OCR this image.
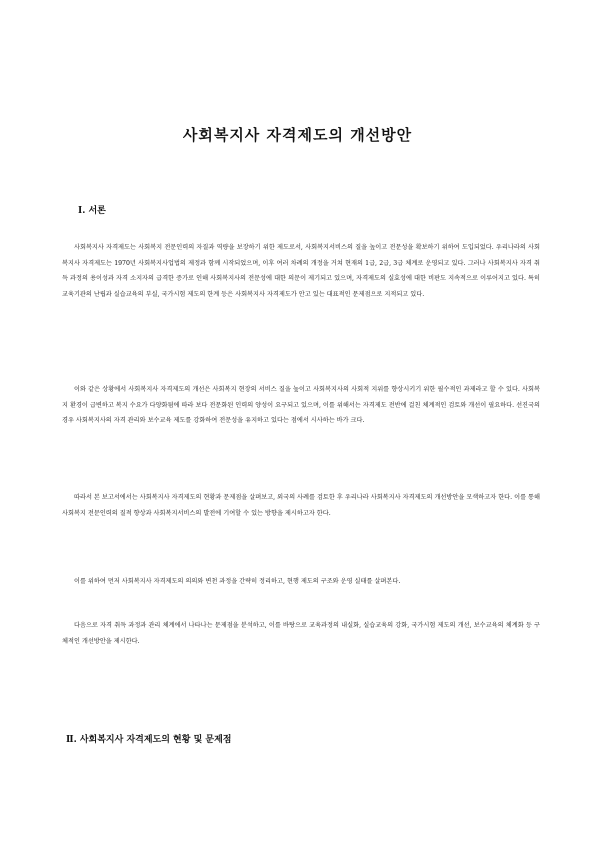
사회복지사 자격제도의 개선방안
Ⅰ. 서론

사회복지사 자격제도는 사회복지 전문인력의 자질과 역량을 보장하기 위한 제도로서, 사회복지서비스의 질을 높이고 전문성을 확보하기 위하여 도입되었다. 우리나라의 사회복지사 자격제도는 1970년 사회복지사업법의 제정과 함께 시작되었으며, 이후 여러 차례의 개정을 거쳐 현재의 1급, 2급, 3급 체계로 운영되고 있다. 그러나 사회복지사 자격 취득 과정의 용이성과 자격 소지자의 급격한 증가로 인해 사회복지사의 전문성에 대한 의문이 제기되고 있으며, 자격제도의 실효성에 대한 비판도 지속적으로 이루어지고 있다. 특히 교육기관의 난립과 실습교육의 부실, 국가시험 제도의 한계 등은 사회복지사 자격제도가 안고 있는 대표적인 문제점으로 지적되고 있다.

이와 같은 상황에서 사회복지사 자격제도의 개선은 사회복지 현장의 서비스 질을 높이고 사회복지사의 사회적 지위를 향상시키기 위한 필수적인 과제라고 할 수 있다. 사회복지 환경이 급변하고 복지 수요가 다양화됨에 따라 보다 전문화된 인력의 양성이 요구되고 있으며, 이를 위해서는 자격제도 전반에 걸친 체계적인 검토와 개선이 필요하다. 선진국의 경우 사회복지사의 자격 관리와 보수교육 제도를 강화하여 전문성을 유지하고 있다는 점에서 시사하는 바가 크다.

따라서 본 보고서에서는 사회복지사 자격제도의 현황과 문제점을 살펴보고, 외국의 사례를 검토한 후 우리나라 사회복지사 자격제도의 개선방안을 모색하고자 한다. 이를 통해 사회복지 전문인력의 질적 향상과 사회복지서비스의 발전에 기여할 수 있는 방향을 제시하고자 한다.

이를 위하여 먼저 사회복지사 자격제도의 의의와 변천 과정을 간략히 정리하고, 현행 제도의 구조와 운영 실태를 살펴본다.

다음으로 자격 취득 과정과 관리 체계에서 나타나는 문제점을 분석하고, 이를 바탕으로 교육과정의 내실화, 실습교육의 강화, 국가시험 제도의 개선, 보수교육의 체계화 등 구체적인 개선방안을 제시한다.

Ⅱ. 사회복지사 자격제도의 현황 및 문제점
